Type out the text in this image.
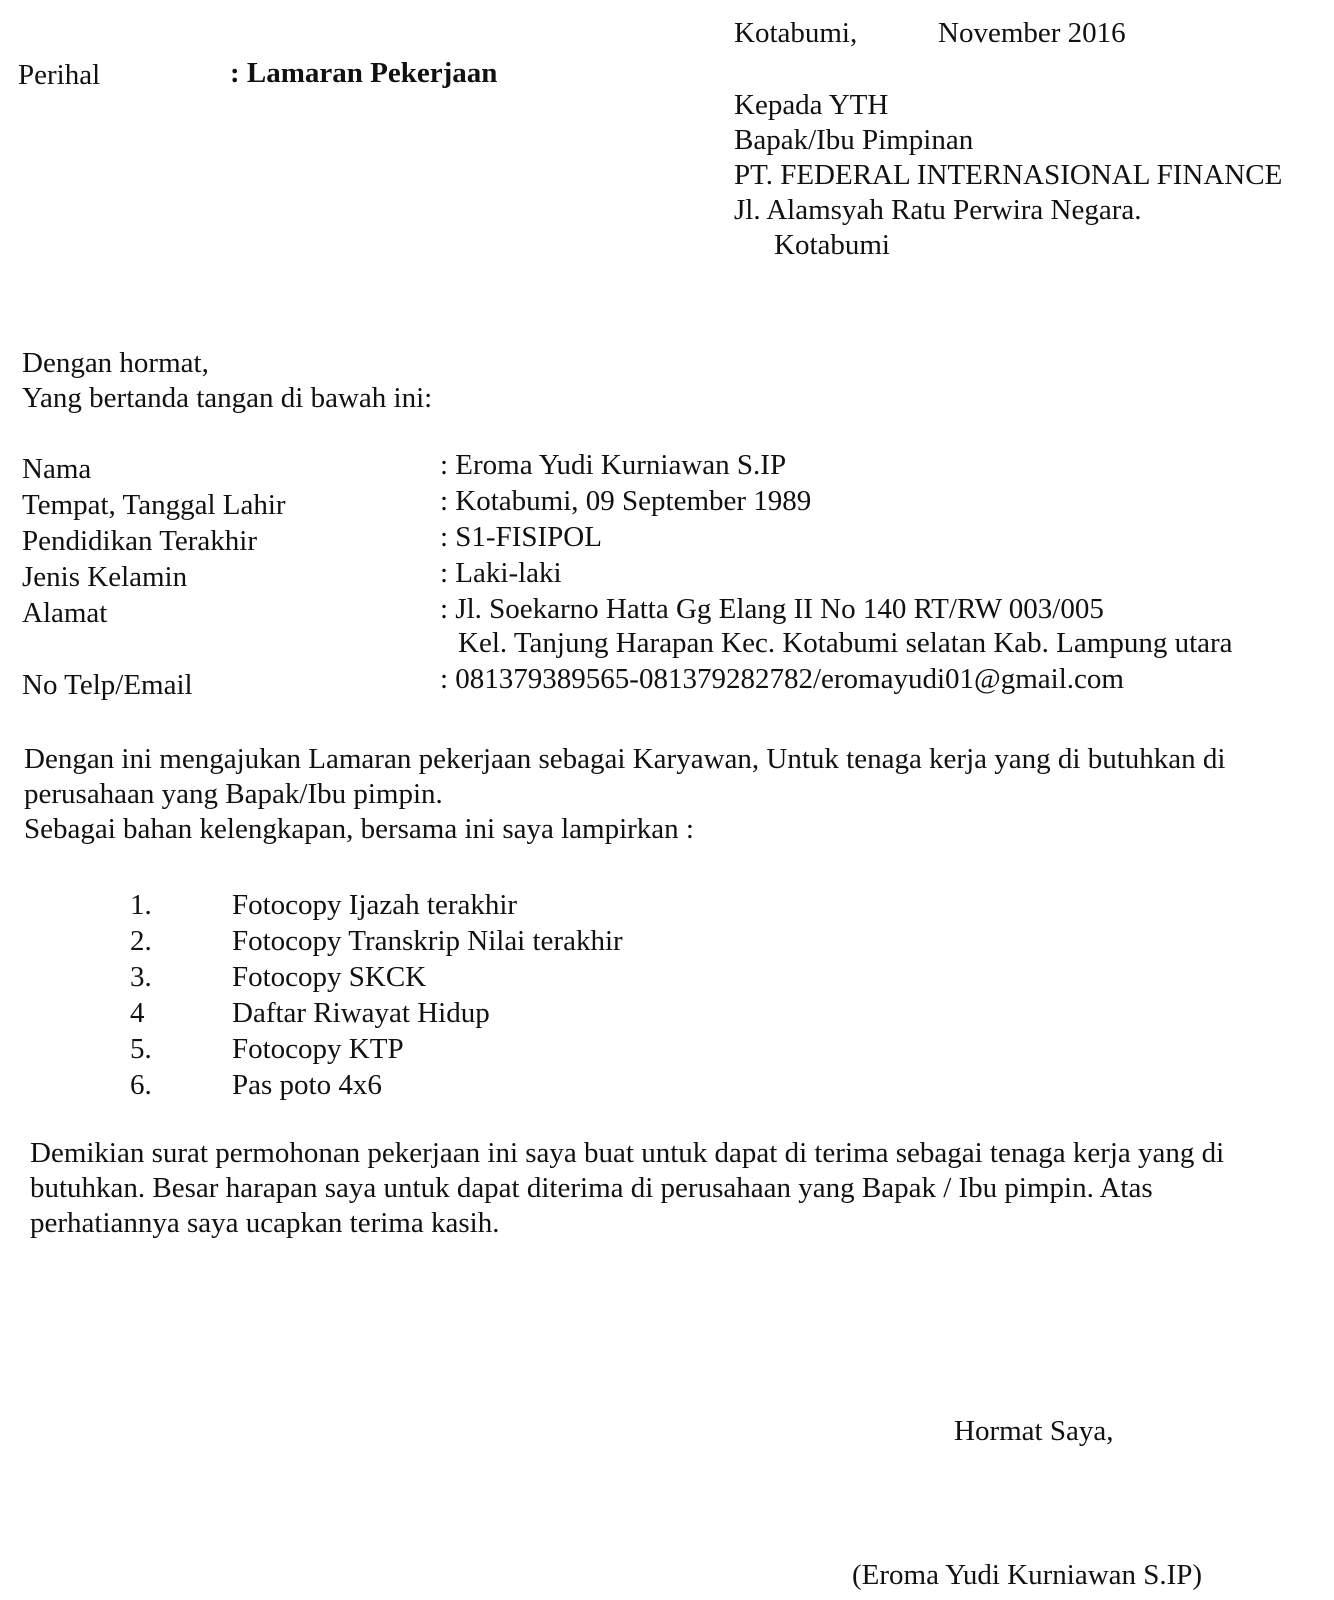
Kotabumi,	November 2016
Perihal	: Lamaran Pekerjaan
Kepada YTH
Bapak/Ibu Pimpinan
PT. FEDERAL INTERNASIONAL FINANCE
Jl. Alamsyah Ratu Perwira Negara.
Kotabumi
Dengan hormat,
Yang bertanda tangan di bawah ini:
Nama	: Eroma Yudi Kurniawan S.IP
Tempat, Tanggal Lahir	: Kotabumi, 09 September 1989
Pendidikan Terakhir	: S1-FISIPOL
Jenis Kelamin	: Laki-laki
Alamat	: Jl. Soekarno Hatta Gg Elang II No 140 RT/RW 003/005
Kel. Tanjung Harapan Kec. Kotabumi selatan Kab. Lampung utara
No Telp/Email	: 081379389565-081379282782/eromayudi01@gmail.com
Dengan ini mengajukan Lamaran pekerjaan sebagai Karyawan, Untuk tenaga kerja yang di butuhkan di
perusahaan yang Bapak/Ibu pimpin.
Sebagai bahan kelengkapan, bersama ini saya lampirkan :
1.	Fotocopy Ijazah terakhir
2.	Fotocopy Transkrip Nilai terakhir
3.	Fotocopy SKCK
4	Daftar Riwayat Hidup
5.	Fotocopy KTP
6.	Pas poto 4x6
Demikian surat permohonan pekerjaan ini saya buat untuk dapat di terima sebagai tenaga kerja yang di
butuhkan. Besar harapan saya untuk dapat diterima di perusahaan yang Bapak / Ibu pimpin. Atas
perhatiannya saya ucapkan terima kasih.
Hormat Saya,
(Eroma Yudi Kurniawan S.IP)
